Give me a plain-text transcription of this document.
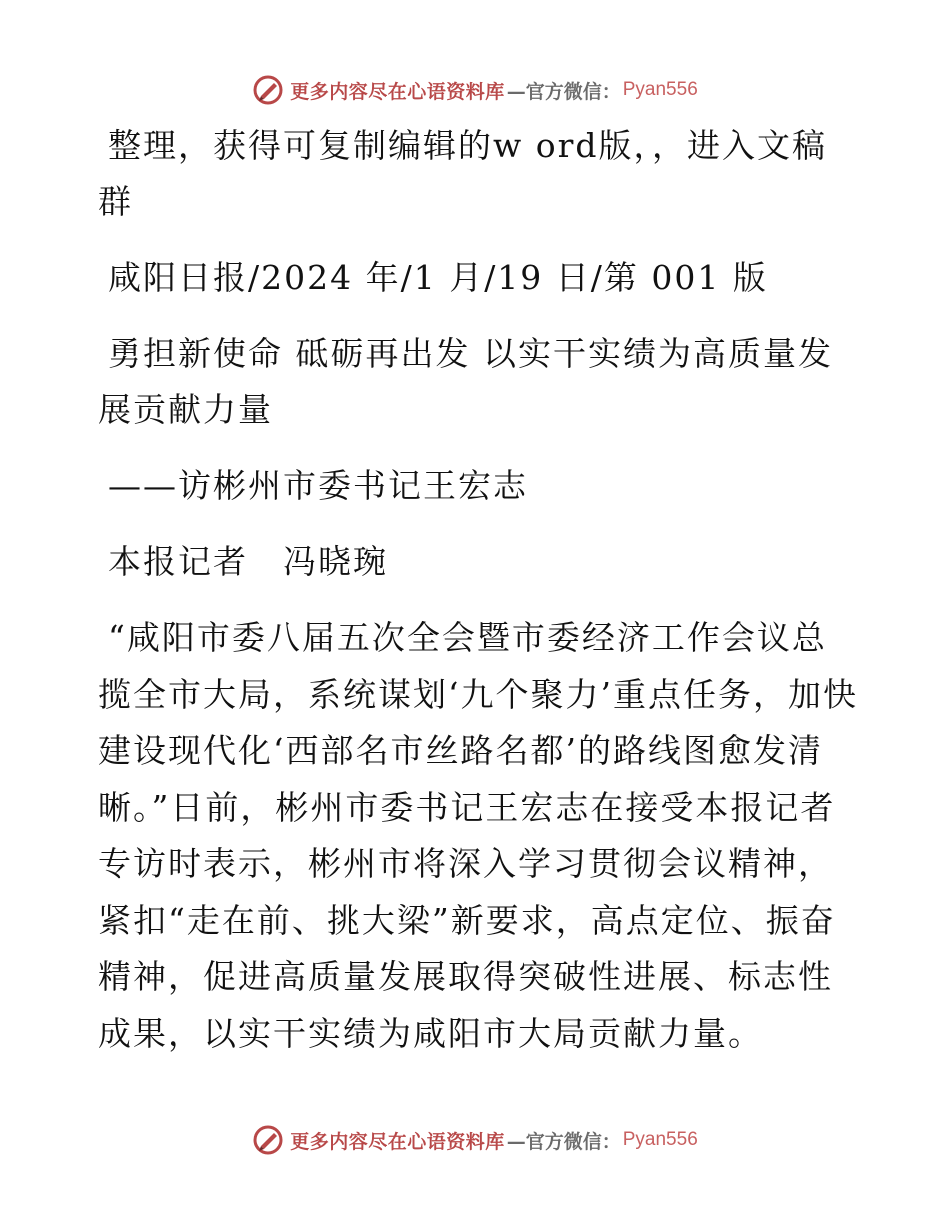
更多内容尽在心语资料库 —官方微信： Pyan556

整理，获得可复制编辑的w ord版，，进入文稿群

咸阳日报/2024 年/1 月/19 日/第 001 版

勇担新使命 砥砺再出发 以实干实绩为高质量发展贡献力量

——访彬州市委书记王宏志

本报记者　冯晓琬

“咸阳市委八届五次全会暨市委经济工作会议总揽全市大局，系统谋划‘九个聚力’重点任务，加快建设现代化‘西部名市丝路名都’的路线图愈发清晰。”日前，彬州市委书记王宏志在接受本报记者专访时表示，彬州市将深入学习贯彻会议精神，紧扣“走在前、挑大梁”新要求，高点定位、振奋精神，促进高质量发展取得突破性进展、标志性成果，以实干实绩为咸阳市大局贡献力量。

更多内容尽在心语资料库 —官方微信： Pyan556
